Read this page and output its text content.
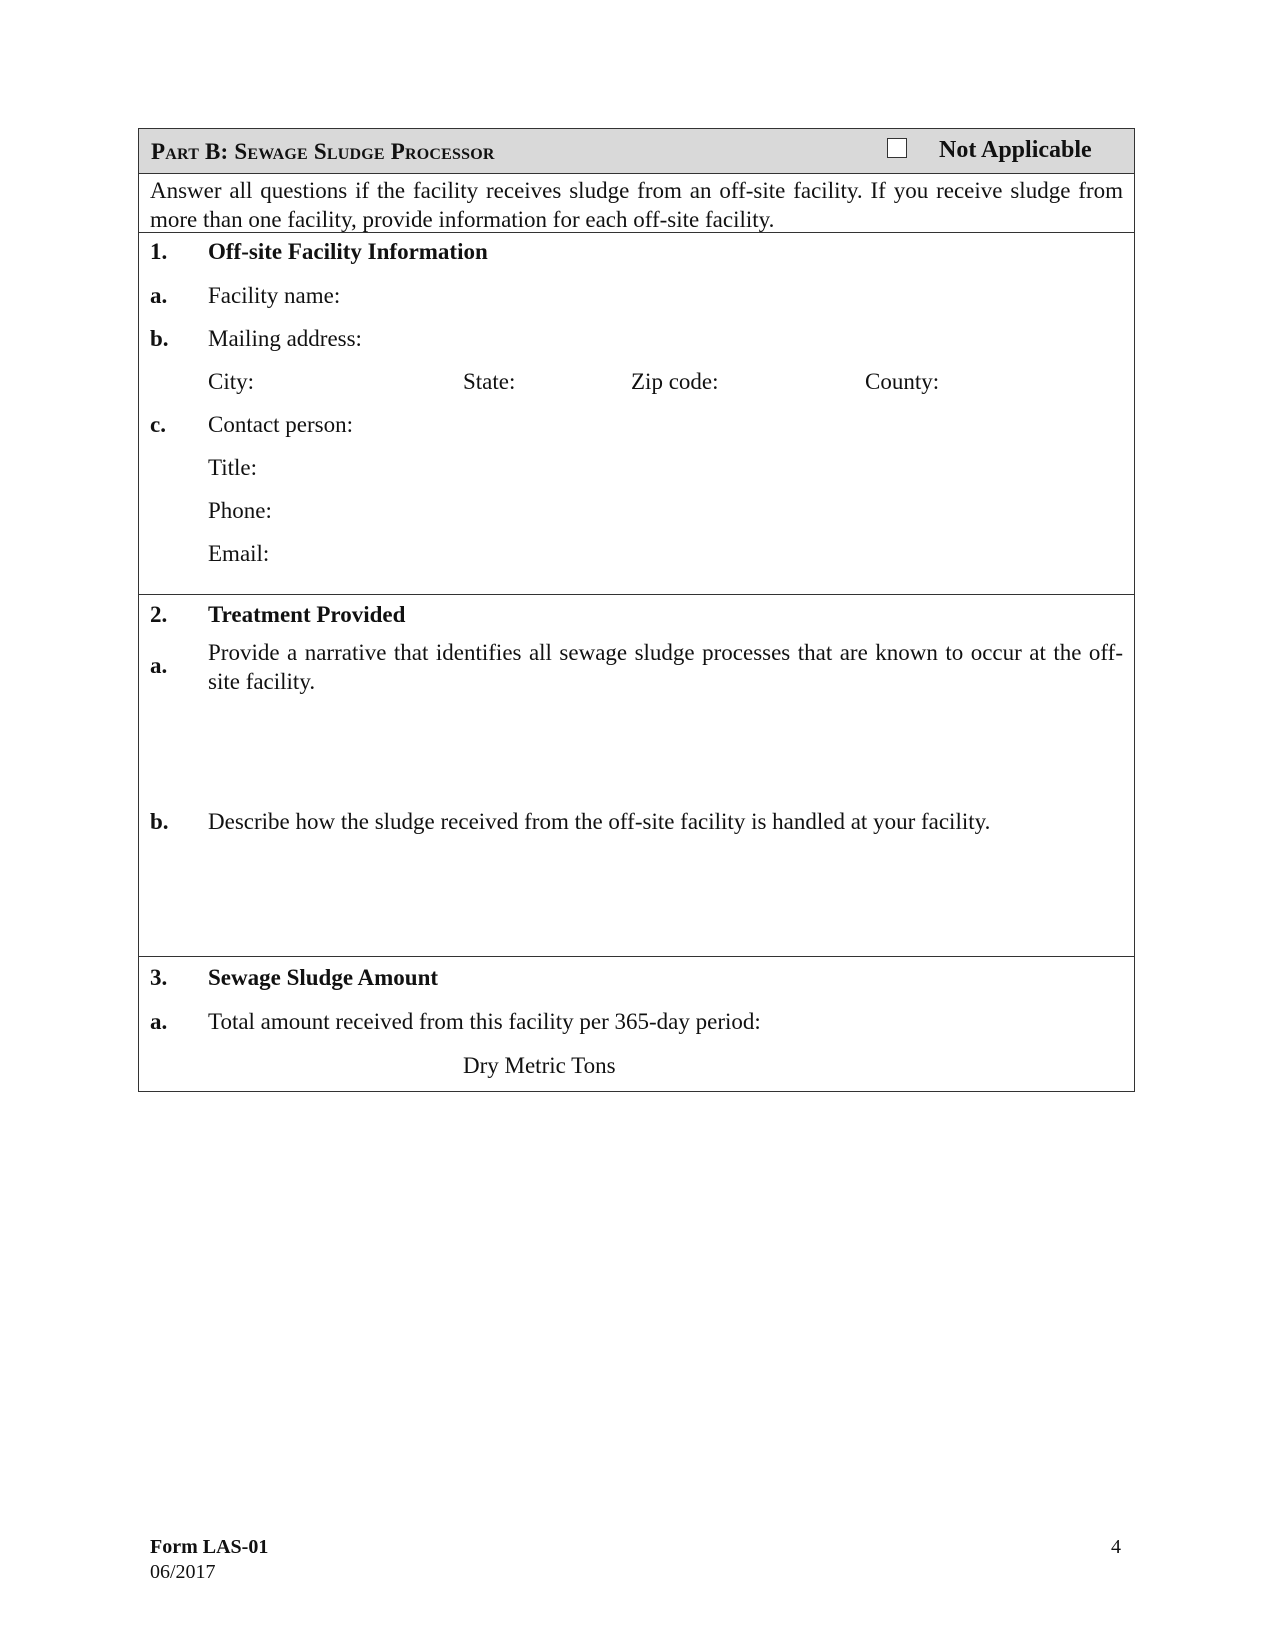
Part B: Sewage Sludge Processor	Not Applicable
Answer all questions if the facility receives sludge from an off-site facility. If you receive sludge from more than one facility, provide information for each off-site facility.
1. Off-site Facility Information
a. Facility name:
b. Mailing address:
City:	State:	Zip code:	County:
c. Contact person:
Title:
Phone:
Email:
2. Treatment Provided
a.
Provide a narrative that identifies all sewage sludge processes that are known to occur at the off-site facility.
b. Describe how the sludge received from the off-site facility is handled at your facility.
3. Sewage Sludge Amount
a. Total amount received from this facility per 365-day period:
Dry Metric Tons
Form LAS-01
06/2017
4
